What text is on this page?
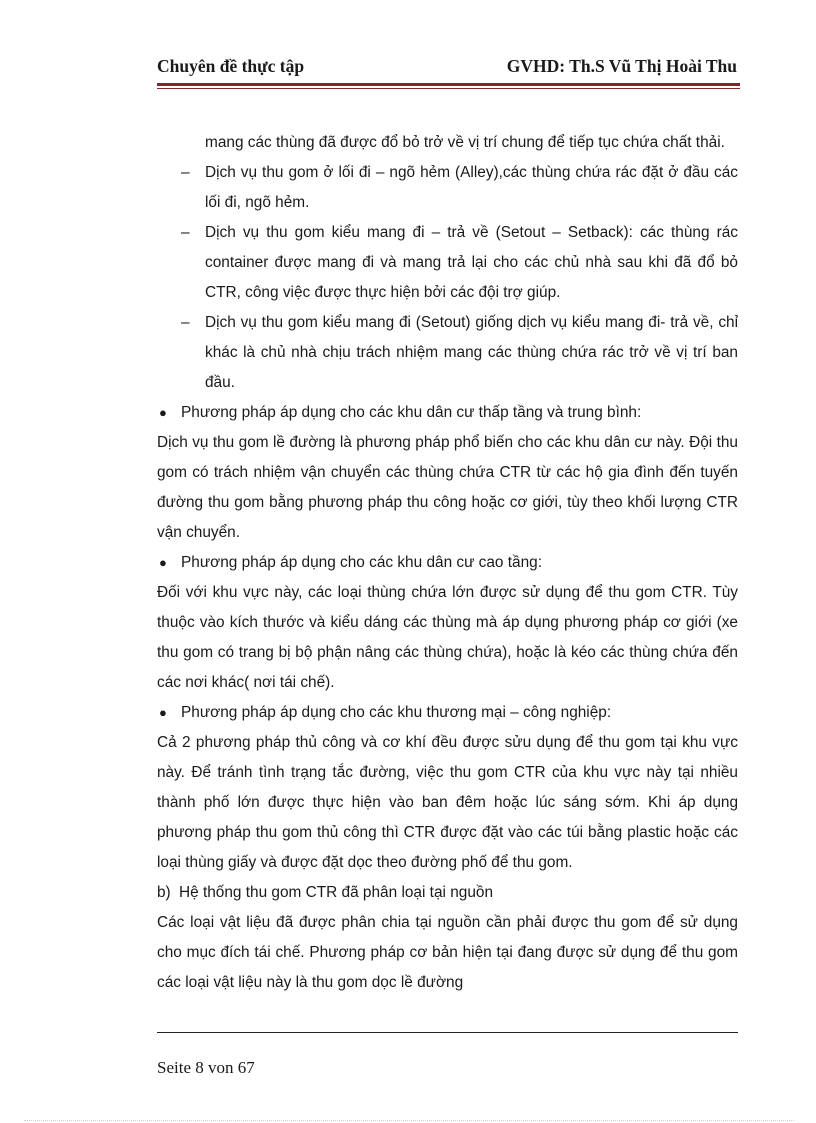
Chuyên đề thực tập	GVHD: Th.S Vũ Thị Hoài Thu

mang các thùng đã được đổ bỏ trở về vị trí chung để tiếp tục chứa chất thải.

– Dịch vụ thu gom ở lối đi – ngõ hẻm (Alley),các thùng chứa rác đặt ở đầu các lối đi, ngõ hẻm.

– Dịch vụ thu gom kiểu mang đi – trả về (Setout – Setback): các thùng rác container được mang đi và mang trả lại cho các chủ nhà sau khi đã đổ bỏ CTR, công việc được thực hiện bởi các đội trợ giúp.

– Dịch vụ thu gom kiểu mang đi (Setout) giống dịch vụ kiểu mang đi- trả về, chỉ khác là chủ nhà chịu trách nhiệm mang các thùng chứa rác trở về vị trí ban đầu.

● Phương pháp áp dụng cho các khu dân cư thấp tầng và trung bình:

Dịch vụ thu gom lề đường là phương pháp phổ biến cho các khu dân cư này. Đội thu gom có trách nhiệm vận chuyển các thùng chứa CTR từ các hộ gia đình đến tuyến đường thu gom bằng phương pháp thu công hoặc cơ giới, tùy theo khối lượng CTR vận chuyển.

● Phương pháp áp dụng cho các khu dân cư cao tầng:

Đối với khu vực này, các loại thùng chứa lớn được sử dụng để thu gom CTR. Tùy thuộc vào kích thước và kiểu dáng các thùng mà áp dụng phương pháp cơ giới (xe thu gom có trang bị bộ phận nâng các thùng chứa), hoặc là kéo các thùng chứa đến các nơi khác( nơi tái chế).

● Phương pháp áp dụng cho các khu thương mại – công nghiệp:

Cả 2 phương pháp thủ công và cơ khí đều được sửu dụng để thu gom tại khu vực này. Để tránh tình trạng tắc đường, việc thu gom CTR của khu vực này tại nhiều thành phố lớn được thực hiện vào ban đêm hoặc lúc sáng sớm. Khi áp dụng phương pháp thu gom thủ công thì CTR được đặt vào các túi bằng plastic hoặc các loại thùng giấy và được đặt dọc theo đường phố để thu gom.

b) Hệ thống thu gom CTR đã phân loại tại nguồn

Các loại vật liệu đã được phân chia tại nguồn cần phải được thu gom để sử dụng cho mục đích tái chế. Phương pháp cơ bản hiện tại đang được sử dụng để thu gom các loại vật liệu này là thu gom dọc lề đường

Seite 8 von 67
